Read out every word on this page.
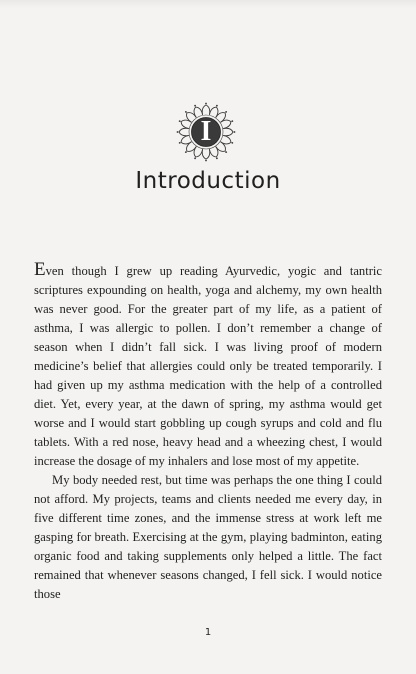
I
Introduction

Even though I grew up reading Ayurvedic, yogic and tantric scriptures expounding on health, yoga and alchemy, my own health was never good. For the greater part of my life, as a patient of asthma, I was allergic to pollen. I don’t remember a change of season when I didn’t fall sick. I was living proof of modern medicine’s belief that allergies could only be treated temporarily. I had given up my asthma medication with the help of a controlled diet. Yet, every year, at the dawn of spring, my asthma would get worse and I would start gobbling up cough syrups and cold and flu tablets. With a red nose, heavy head and a wheezing chest, I would increase the dosage of my inhalers and lose most of my appetite.

My body needed rest, but time was perhaps the one thing I could not afford. My projects, teams and clients needed me every day, in five different time zones, and the immense stress at work left me gasping for breath. Exercising at the gym, playing badminton, eating organic food and taking supplements only helped a little. The fact remained that whenever seasons changed, I fell sick. I would notice those

1
